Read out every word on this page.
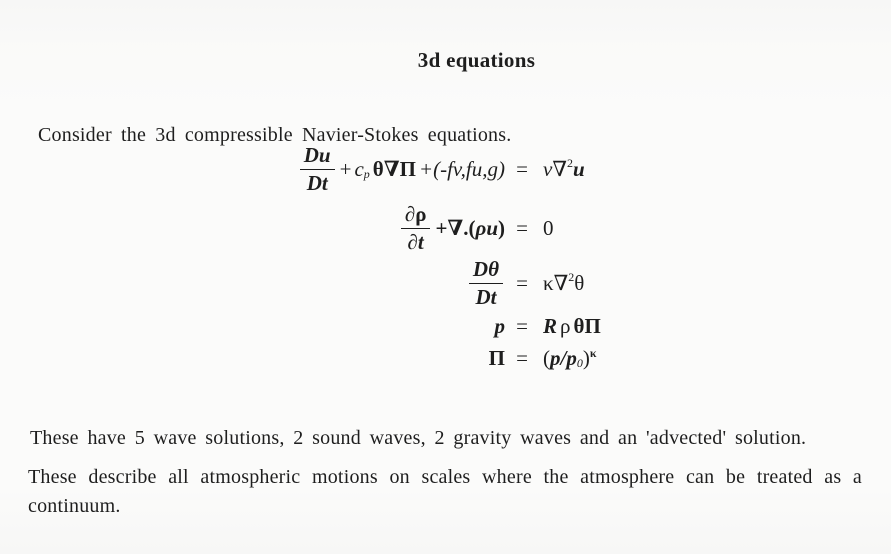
3d equations

Consider the 3d compressible Navier-Stokes equations.

$\frac{Du}{Dt} + c_p$ θ∇Π +(-fv,fu,g) = ν∇$^2$ u
$\frac{\partial\rho}{\partial t}$ +∇.( ρu ) = 0
$\frac{D\theta}{Dt} = \kappa\nabla^2$ θ
p = R ρ θΠ
Π = ( $p/p_0$ )$^\kappa$

These have 5 wave solutions, 2 sound waves, 2 gravity waves and an 'advected' solution.

These describe all atmospheric motions on scales where the atmosphere can be treated as a
continuum.
